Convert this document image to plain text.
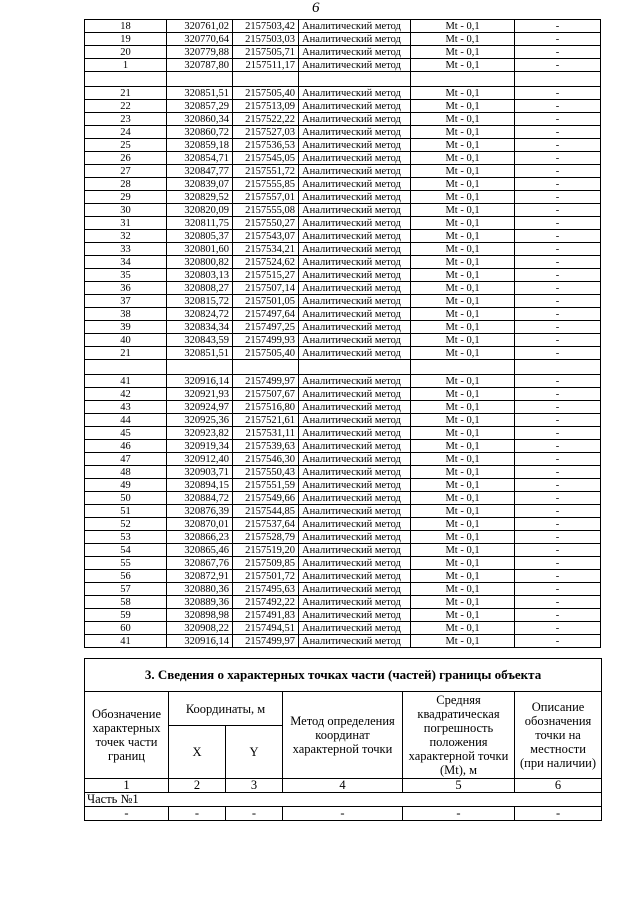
6
18	320761,02	2157503,42	Аналитический метод	Mt - 0,1	-
19	320770,64	2157503,03	Аналитический метод	Mt - 0,1	-
20	320779,88	2157505,71	Аналитический метод	Mt - 0,1	-
1	320787,80	2157511,17	Аналитический метод	Mt - 0,1	-

21	320851,51	2157505,40	Аналитический метод	Mt - 0,1	-
22	320857,29	2157513,09	Аналитический метод	Mt - 0,1	-
23	320860,34	2157522,22	Аналитический метод	Mt - 0,1	-
24	320860,72	2157527,03	Аналитический метод	Mt - 0,1	-
25	320859,18	2157536,53	Аналитический метод	Mt - 0,1	-
26	320854,71	2157545,05	Аналитический метод	Mt - 0,1	-
27	320847,77	2157551,72	Аналитический метод	Mt - 0,1	-
28	320839,07	2157555,85	Аналитический метод	Mt - 0,1	-
29	320829,52	2157557,01	Аналитический метод	Mt - 0,1	-
30	320820,09	2157555,08	Аналитический метод	Mt - 0,1	-
31	320811,75	2157550,27	Аналитический метод	Mt - 0,1	-
32	320805,37	2157543,07	Аналитический метод	Mt - 0,1	-
33	320801,60	2157534,21	Аналитический метод	Mt - 0,1	-
34	320800,82	2157524,62	Аналитический метод	Mt - 0,1	-
35	320803,13	2157515,27	Аналитический метод	Mt - 0,1	-
36	320808,27	2157507,14	Аналитический метод	Mt - 0,1	-
37	320815,72	2157501,05	Аналитический метод	Mt - 0,1	-
38	320824,72	2157497,64	Аналитический метод	Mt - 0,1	-
39	320834,34	2157497,25	Аналитический метод	Mt - 0,1	-
40	320843,59	2157499,93	Аналитический метод	Mt - 0,1	-
21	320851,51	2157505,40	Аналитический метод	Mt - 0,1	-

41	320916,14	2157499,97	Аналитический метод	Mt - 0,1	-
42	320921,93	2157507,67	Аналитический метод	Mt - 0,1	-
43	320924,97	2157516,80	Аналитический метод	Mt - 0,1	-
44	320925,36	2157521,61	Аналитический метод	Mt - 0,1	-
45	320923,82	2157531,11	Аналитический метод	Mt - 0,1	-
46	320919,34	2157539,63	Аналитический метод	Mt - 0,1	-
47	320912,40	2157546,30	Аналитический метод	Mt - 0,1	-
48	320903,71	2157550,43	Аналитический метод	Mt - 0,1	-
49	320894,15	2157551,59	Аналитический метод	Mt - 0,1	-
50	320884,72	2157549,66	Аналитический метод	Mt - 0,1	-
51	320876,39	2157544,85	Аналитический метод	Mt - 0,1	-
52	320870,01	2157537,64	Аналитический метод	Mt - 0,1	-
53	320866,23	2157528,79	Аналитический метод	Mt - 0,1	-
54	320865,46	2157519,20	Аналитический метод	Mt - 0,1	-
55	320867,76	2157509,85	Аналитический метод	Mt - 0,1	-
56	320872,91	2157501,72	Аналитический метод	Mt - 0,1	-
57	320880,36	2157495,63	Аналитический метод	Mt - 0,1	-
58	320889,36	2157492,22	Аналитический метод	Mt - 0,1	-
59	320898,98	2157491,83	Аналитический метод	Mt - 0,1	-
60	320908,22	2157494,51	Аналитический метод	Mt - 0,1	-
41	320916,14	2157499,97	Аналитический метод	Mt - 0,1	-
3. Сведения о характерных точках части (частей) границы объекта					
Обозначение характерных точек части границ	Координаты, м		Метод определения координат характерной точки	Средняя квадратическая погрешность положения характерной точки (Mt), м	Описание обозначения точки на местности (при наличии)
	X	Y			
1	2	3	4	5	6
Часть №1					
-	-	-	-	-	-
